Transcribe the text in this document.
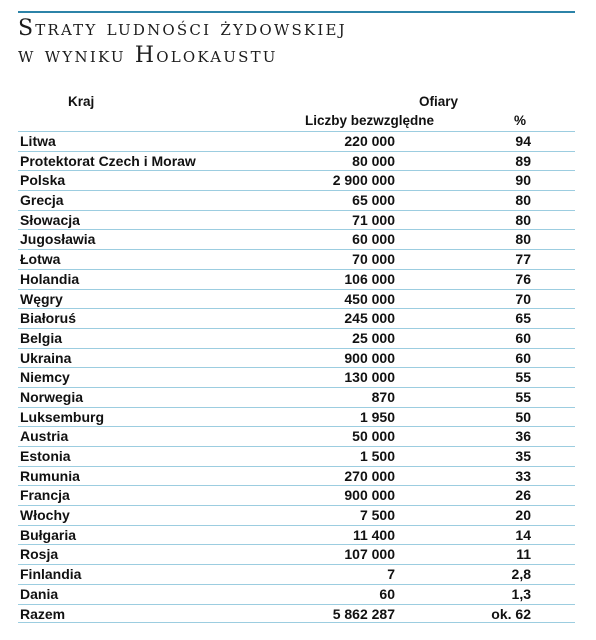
Straty ludności żydowskiej
w wyniku Holokaustu
Kraj	Ofiary
Liczby bezwzględne	%
Litwa	220 000	94
Protektorat Czech i Moraw	80 000	89
Polska	2 900 000	90
Grecja	65 000	80
Słowacja	71 000	80
Jugosławia	60 000	80
Łotwa	70 000	77
Holandia	106 000	76
Węgry	450 000	70
Białoruś	245 000	65
Belgia	25 000	60
Ukraina	900 000	60
Niemcy	130 000	55
Norwegia	870	55
Luksemburg	1 950	50
Austria	50 000	36
Estonia	1 500	35
Rumunia	270 000	33
Francja	900 000	26
Włochy	7 500	20
Bułgaria	11 400	14
Rosja	107 000	11
Finlandia	7	2,8
Dania	60	1,3
Razem	5 862 287	ok. 62
